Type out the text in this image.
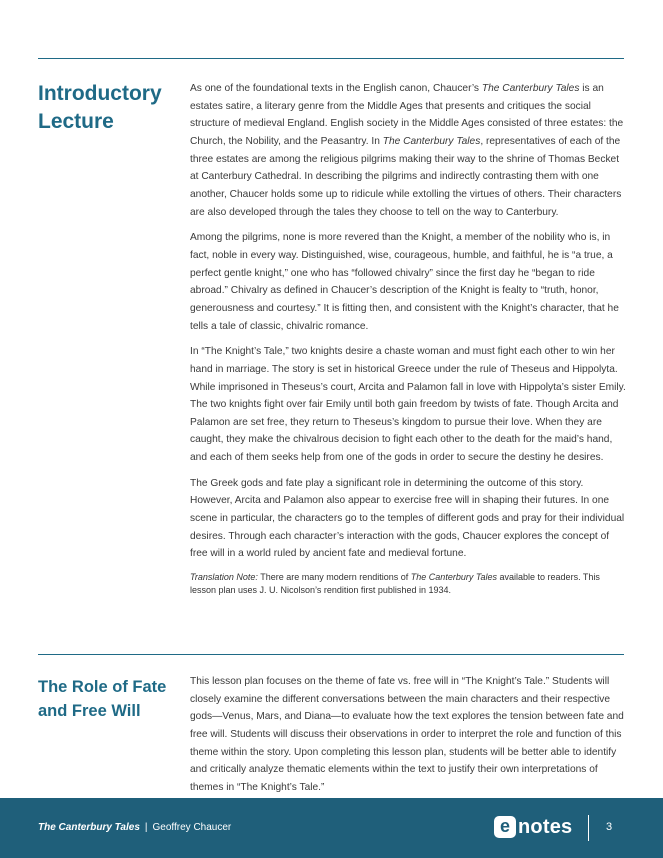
Introductory
Lecture

As one of the foundational texts in the English canon, Chaucer’s The Canterbury Tales is an estates satire, a literary genre from the Middle Ages that presents and critiques the social structure of medieval England. English society in the Middle Ages consisted of three estates: the Church, the Nobility, and the Peasantry. In The Canterbury Tales, representatives of each of the three estates are among the religious pilgrims making their way to the shrine of Thomas Becket at Canterbury Cathedral. In describing the pilgrims and indirectly contrasting them with one another, Chaucer holds some up to ridicule while extolling the virtues of others. Their characters are also developed through the tales they choose to tell on the way to Canterbury.

Among the pilgrims, none is more revered than the Knight, a member of the nobility who is, in fact, noble in every way. Distinguished, wise, courageous, humble, and faithful, he is “a true, a perfect gentle knight,” one who has “followed chivalry” since the first day he “began to ride abroad.” Chivalry as defined in Chaucer’s description of the Knight is fealty to “truth, honor, generousness and courtesy.” It is fitting then, and consistent with the Knight’s character, that he tells a tale of classic, chivalric romance.

In “The Knight’s Tale,” two knights desire a chaste woman and must fight each other to win her hand in marriage. The story is set in historical Greece under the rule of Theseus and Hippolyta. While imprisoned in Theseus’s court, Arcita and Palamon fall in love with Hippolyta’s sister Emily. The two knights fight over fair Emily until both gain freedom by twists of fate. Though Arcita and Palamon are set free, they return to Theseus’s kingdom to pursue their love. When they are caught, they make the chivalrous decision to fight each other to the death for the maid’s hand, and each of them seeks help from one of the gods in order to secure the destiny he desires.

The Greek gods and fate play a significant role in determining the outcome of this story. However, Arcita and Palamon also appear to exercise free will in shaping their futures. In one scene in particular, the characters go to the temples of different gods and pray for their individual desires. Through each character’s interaction with the gods, Chaucer explores the concept of free will in a world ruled by ancient fate and medieval fortune.

Translation Note: There are many modern renditions of The Canterbury Tales available to readers. This lesson plan uses J. U. Nicolson’s rendition first published in 1934.
The Role of Fate
and Free Will

This lesson plan focuses on the theme of fate vs. free will in “The Knight’s Tale.” Students will closely examine the different conversations between the main characters and their respective gods—Venus, Mars, and Diana—to evaluate how the text explores the tension between fate and free will. Students will discuss their observations in order to interpret the role and function of this theme within the story. Upon completing this lesson plan, students will be better able to identify and critically analyze thematic elements within the text to justify their own interpretations of themes in “The Knight’s Tale.”

The Canterbury Tales | Geoffrey Chaucer	e notes	3
